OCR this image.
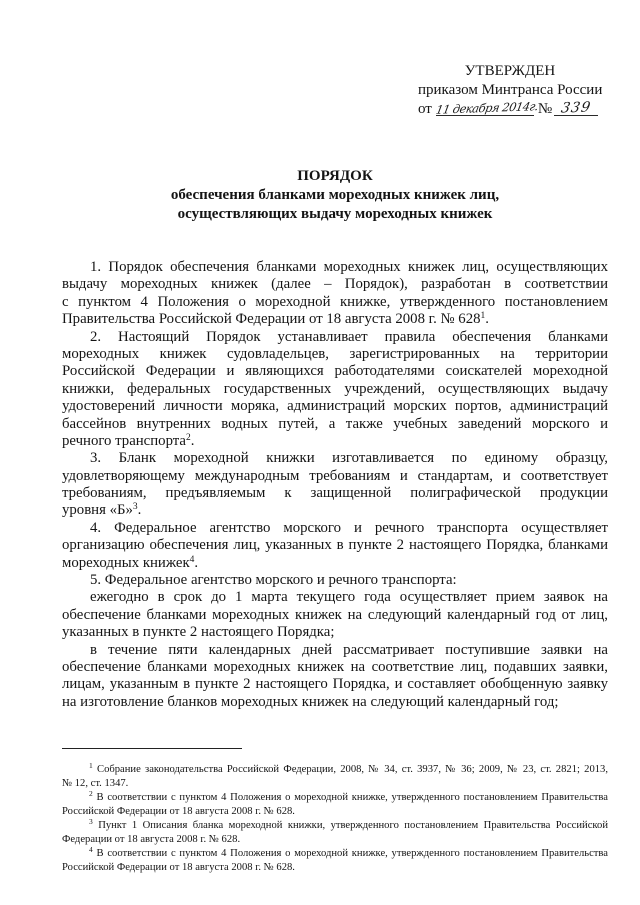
УТВЕРЖДЕН
приказом Минтранса России
от 11 декабря 2014г.
№ 339
ПОРЯДОК
обеспечения бланками мореходных книжек лиц,
осуществляющих выдачу мореходных книжек
1. Порядок обеспечения бланками мореходных книжек лиц, осуществляющих
выдачу мореходных книжек (далее – Порядок), разработан в соответствии
с пунктом 4 Положения о мореходной книжке, утвержденного постановлением
Правительства Российской Федерации от 18 августа 2008 г. № $628^1$.
2. Настоящий Порядок устанавливает правила обеспечения бланками
мореходных книжек судовладельцев, зарегистрированных на территории
Российской Федерации и являющихся работодателями соискателей мореходной
книжки, федеральных государственных учреждений, осуществляющих выдачу
удостоверений личности моряка, администраций морских портов, администраций
бассейнов внутренних водных путей, а также учебных заведений морского и
речного транспорта$^2$.
3. Бланк мореходной книжки изготавливается по единому образцу,
удовлетворяющему международным требованиям и стандартам, и соответствует
требованиям, предъявляемым к защищенной полиграфической продукции
уровня «Б»$^3$.
4. Федеральное агентство морского и речного транспорта осуществляет
организацию обеспечения лиц, указанных в пункте 2 настоящего Порядка, бланками
мореходных книжек$^4$.
5. Федеральное агентство морского и речного транспорта:
ежегодно в срок до 1 марта текущего года осуществляет прием заявок на
обеспечение бланками мореходных книжек на следующий календарный год от лиц,
указанных в пункте 2 настоящего Порядка;
в течение пяти календарных дней рассматривает поступившие заявки на
обеспечение бланками мореходных книжек на соответствие лиц, подавших заявки,
лицам, указанным в пункте 2 настоящего Порядка, и составляет обобщенную заявку
на изготовление бланков мореходных книжек на следующий календарный год;
$^1$ Собрание законодательства Российской Федерации, 2008, № 34, ст. 3937, № 36; 2009, № 23, ст. 2821; 2013,
№ 12, ст. 1347.
$^2$ В соответствии с пунктом 4 Положения о мореходной книжке, утвержденного постановлением Правительства
Российской Федерации от 18 августа 2008 г. № 628.
$^3$ Пункт 1 Описания бланка мореходной книжки, утвержденного постановлением Правительства Российской
Федерации от 18 августа 2008 г. № 628.
$^4$ В соответствии с пунктом 4 Положения о мореходной книжке, утвержденного постановлением Правительства
Российской Федерации от 18 августа 2008 г. № 628.
